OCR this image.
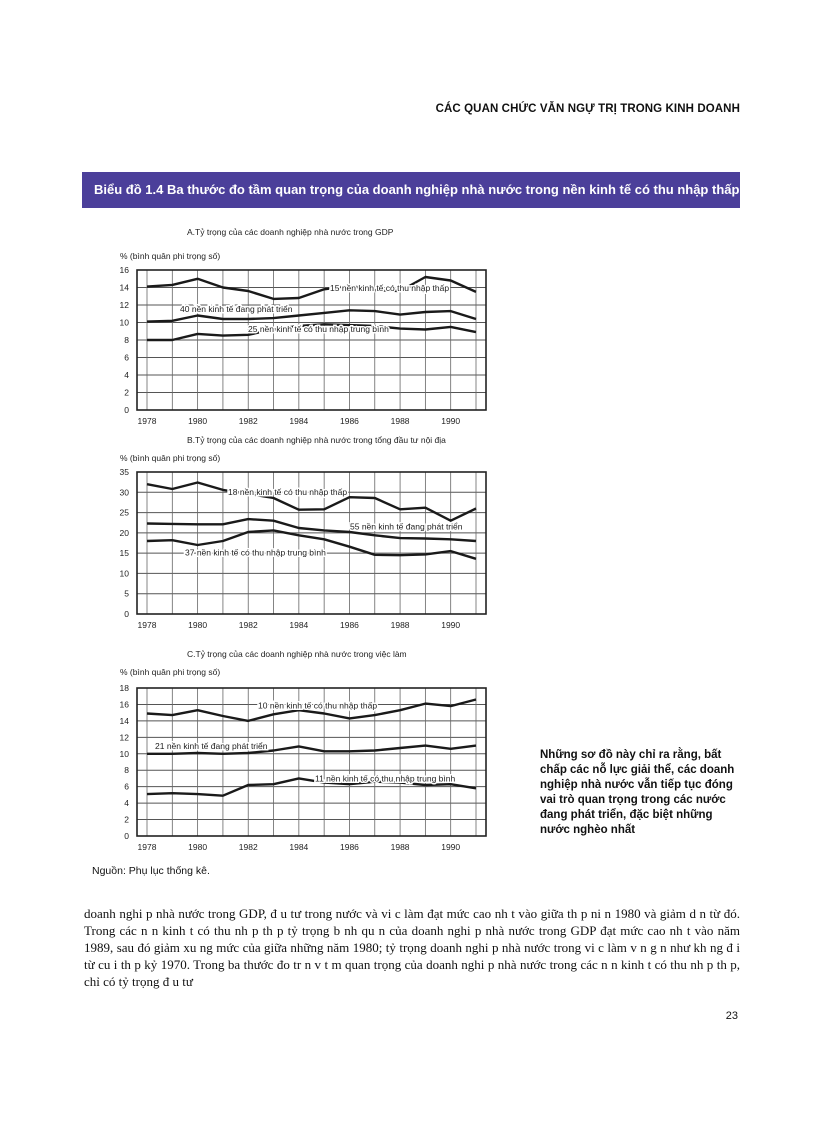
CÁC QUAN CHỨC VẪN NGỰ TRỊ TRONG KINH DOANH
Biểu đồ 1.4 Ba thước đo tầm quan trọng của doanh nghiệp nhà nước trong nền kinh tế có thu nhập thấp
A.Tỷ trọng của các doanh nghiệp nhà nước trong GDP
% (bình quân phi trọng số)
0
2
4
6
8
10
12
14
16
1978	1980	1982	1984	1986	1988	1990
15 nền kinh tế có thu nhập thấp
40 nền kinh tế đang phát triển
25 nền kinh tế có thu nhập trung bình
B.Tỷ trọng của các doanh nghiệp nhà nước trong tổng đầu tư nội địa
% (bình quân phi trọng số)
0
5
10
15
20
25
30
35
1978	1980	1982	1984	1986	1988	1990
18 nền kinh tế có thu nhập thấp
55 nền kinh tế đang phát triển
37 nền kinh tế có thu nhập trung bình
C.Tỷ trọng của các doanh nghiệp nhà nước trong việc làm
% (bình quân phi trọng số)
0
2
4
6
8
10
12
14
16
18
1978	1980	1982	1984	1986	1988	1990
10 nền kinh tế có thu nhập thấp
21 nền kinh tế đang phát triển
11 nền kinh tế có thu nhập trung bình
Những sơ đồ này chỉ ra rằng, bất chấp các nỗ lực giải thể, các doanh nghiệp nhà nước vẫn tiếp tục đóng vai trò quan trọng trong các nước đang phát triển, đặc biệt những nước nghèo nhất
Nguồn: Phụ lục thống kê.
doanh nghi p nhà nước trong GDP, đ u tư trong nước và vi c làm đạt mức cao nh t vào giữa th p ni n 1980 và giảm d n từ đó. Trong các n n kinh t có thu nh p th p tỷ trọng b nh qu n của doanh nghi p nhà nước trong GDP đạt mức cao nh t vào năm 1989, sau đó giảm xu ng mức của giữa những năm 1980; tỷ trọng doanh nghi p nhà nước trong vi c làm v n g n như kh ng đ i từ cu i th p kỷ 1970. Trong ba thước đo tr n v t m quan trọng của doanh nghi p nhà nước trong các n n kinh t có thu nh p th p, chỉ có tỷ trọng đ u tư
23
